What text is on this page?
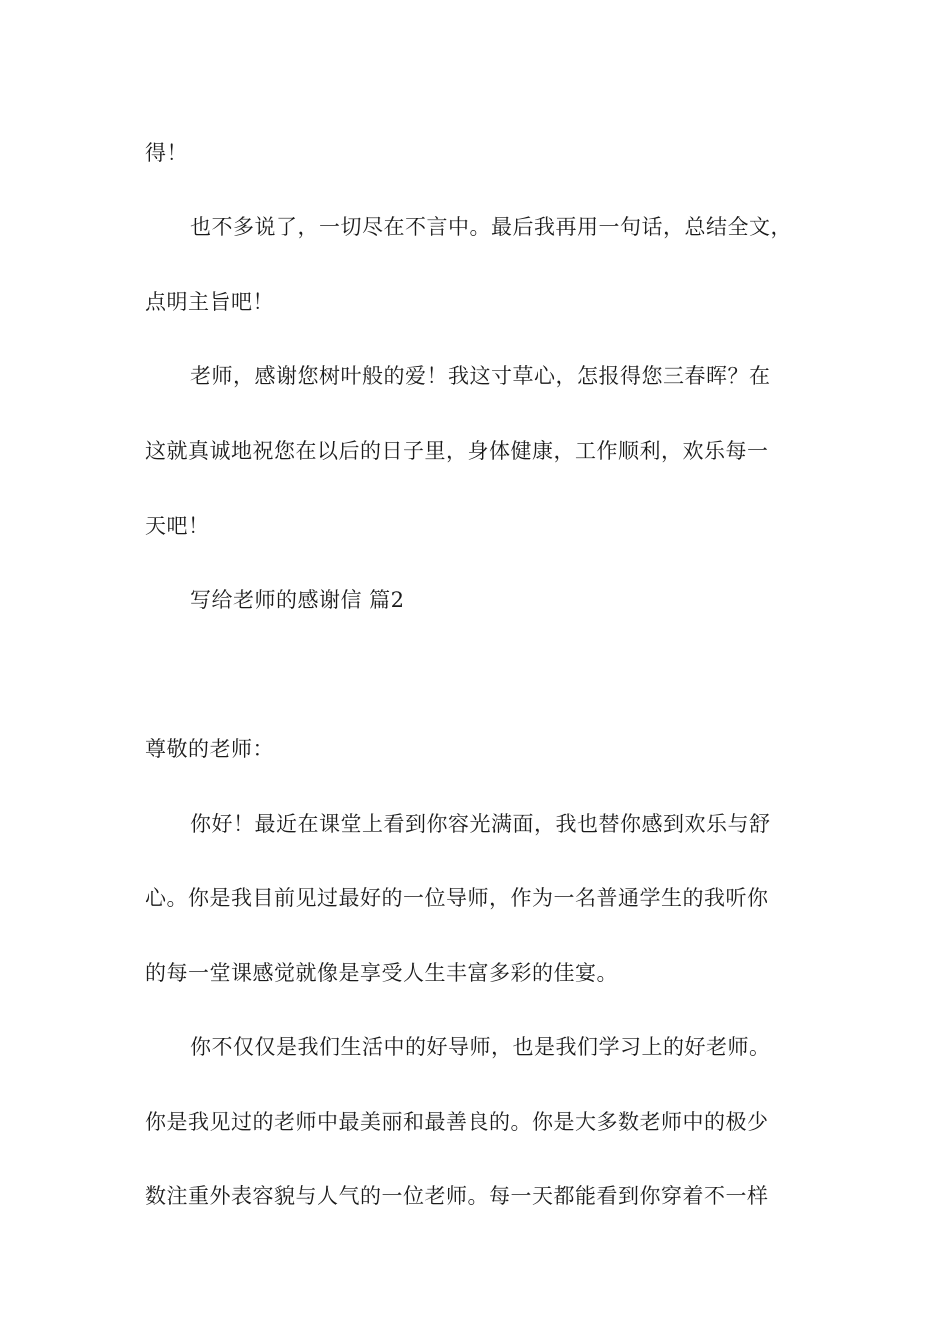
得！
也不多说了，一切尽在不言中。最后我再用一句话，总结全文，
点明主旨吧！
老师，感谢您树叶般的爱！我这寸草心，怎报得您三春晖？在
这就真诚地祝您在以后的日子里，身体健康，工作顺利，欢乐每一
天吧！
写给老师的感谢信 篇2
尊敬的老师：
你好！最近在课堂上看到你容光满面，我也替你感到欢乐与舒
心。你是我目前见过最好的一位导师，作为一名普通学生的我听你
的每一堂课感觉就像是享受人生丰富多彩的佳宴。
你不仅仅是我们生活中的好导师，也是我们学习上的好老师。
你是我见过的老师中最美丽和最善良的。你是大多数老师中的极少
数注重外表容貌与人气的一位老师。每一天都能看到你穿着不一样
